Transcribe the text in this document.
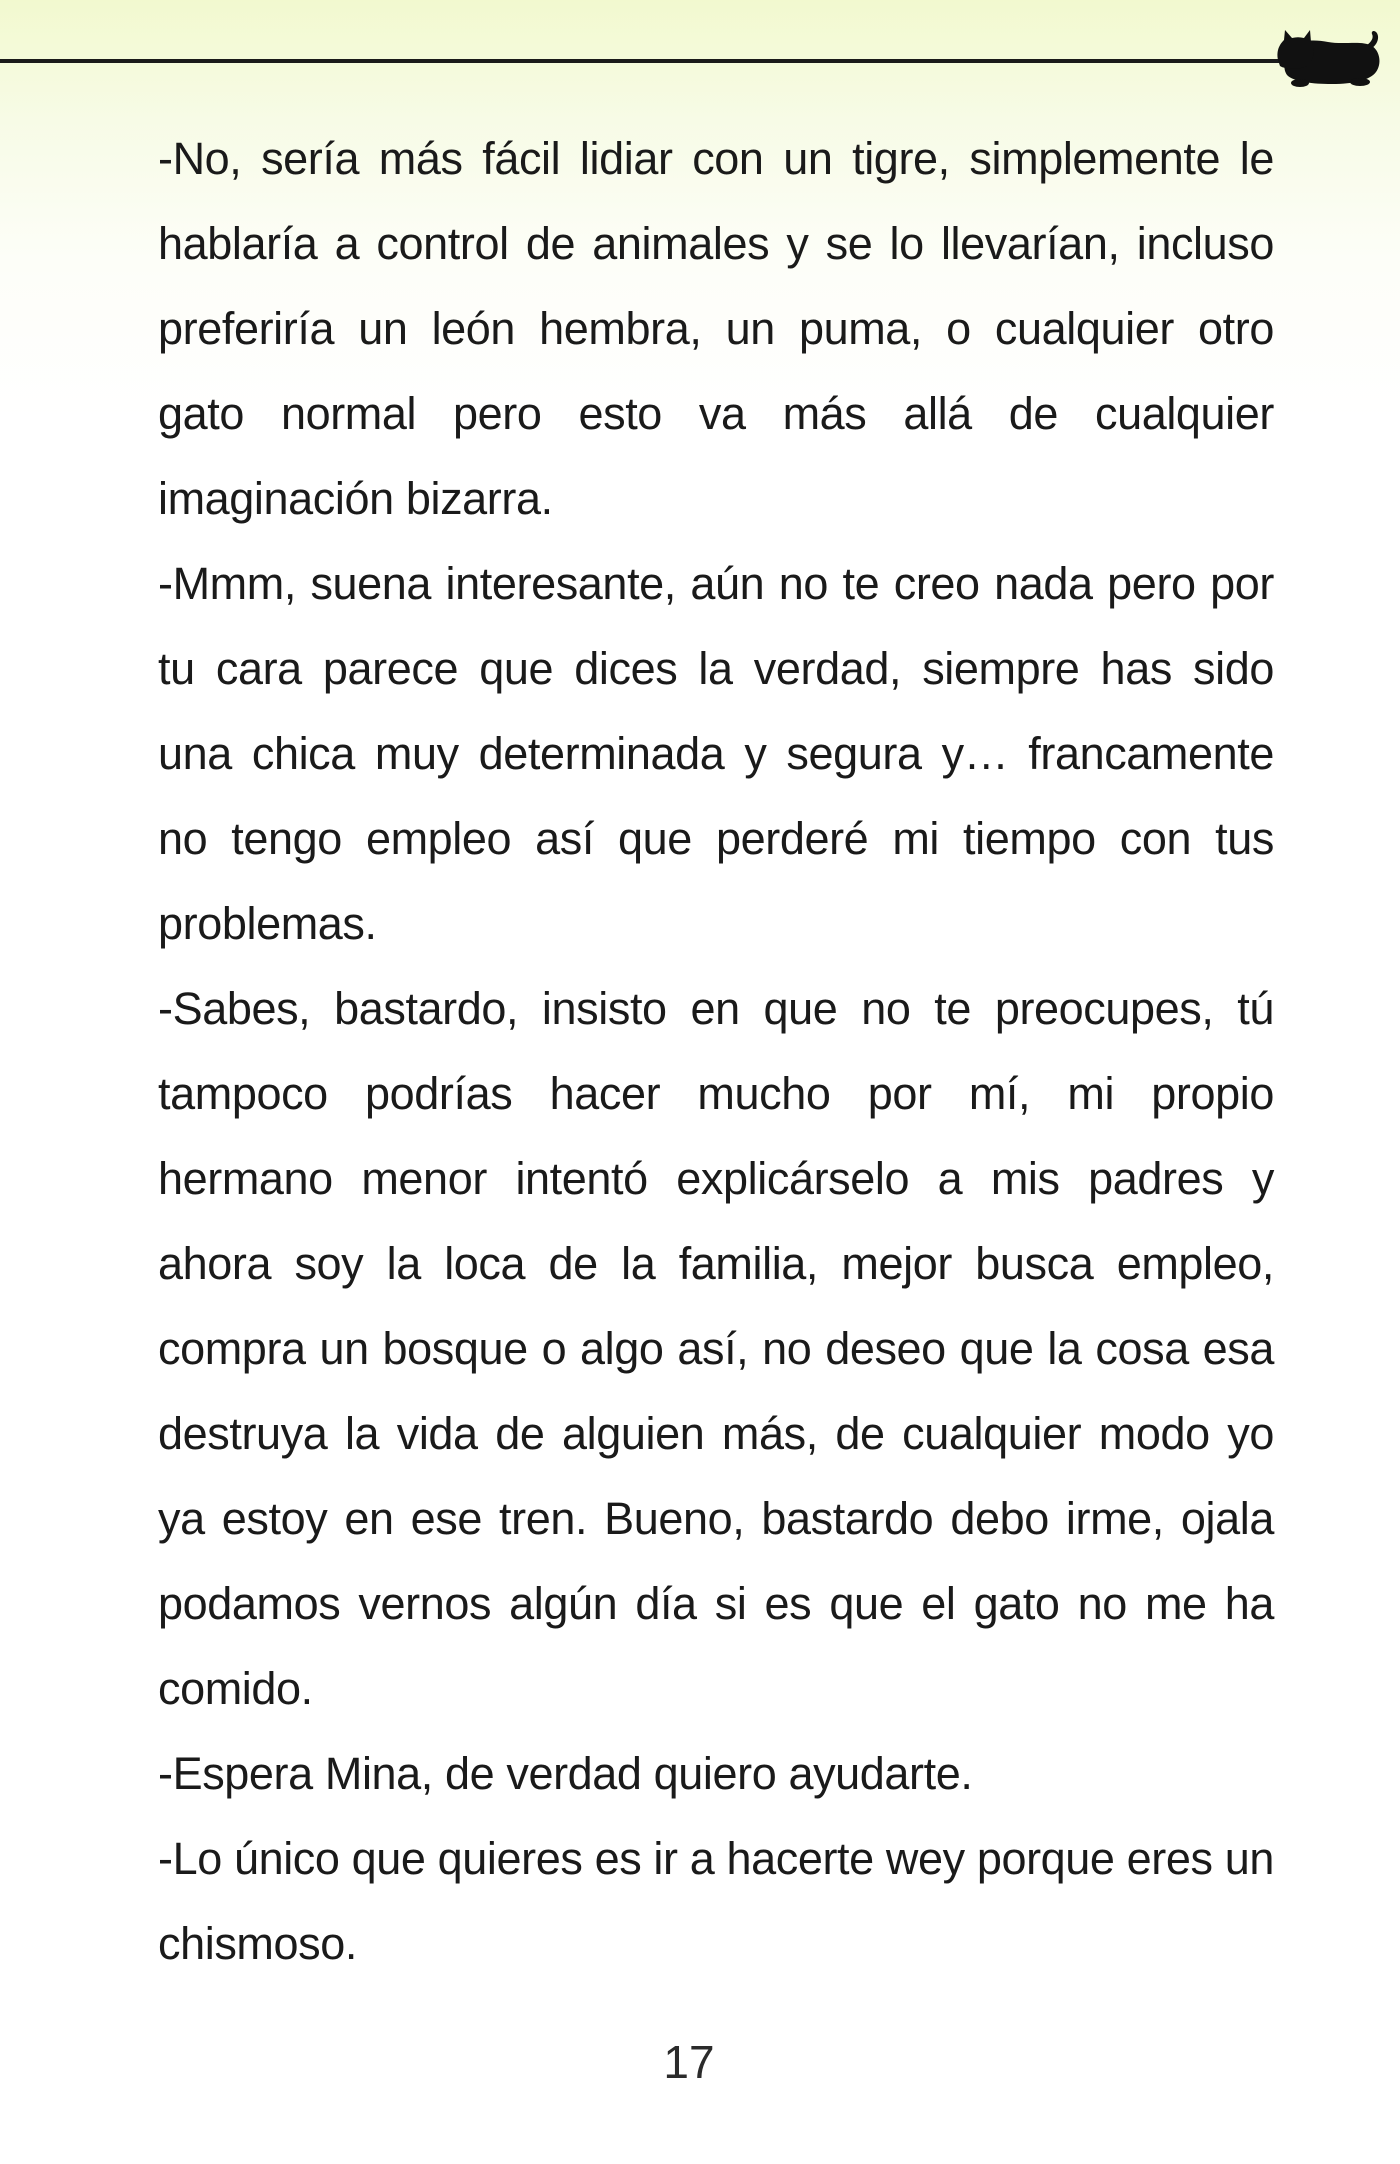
-No, sería más fácil lidiar con un tigre, simplemente le hablaría a control de animales y se lo llevarían, incluso preferiría un león hembra, un puma, o cualquier otro gato normal pero esto va más allá de cualquier imaginación bizarra.

-Mmm, suena interesante, aún no te creo nada pero por tu cara parece que dices la verdad, siempre has sido una chica muy determinada y segura y… francamente no tengo empleo así que perderé mi tiempo con tus problemas.

-Sabes, bastardo, insisto en que no te preocupes, tú tampoco podrías hacer mucho por mí, mi propio hermano menor intentó explicárselo a mis padres y ahora soy la loca de la familia, mejor busca empleo, compra un bosque o algo así, no deseo que la cosa esa destruya la vida de alguien más, de cualquier modo yo ya estoy en ese tren. Bueno, bastardo debo irme, ojala podamos vernos algún día si es que el gato no me ha comido.

-Espera Mina, de verdad quiero ayudarte.

-Lo único que quieres es ir a hacerte wey porque eres un chismoso.

17
